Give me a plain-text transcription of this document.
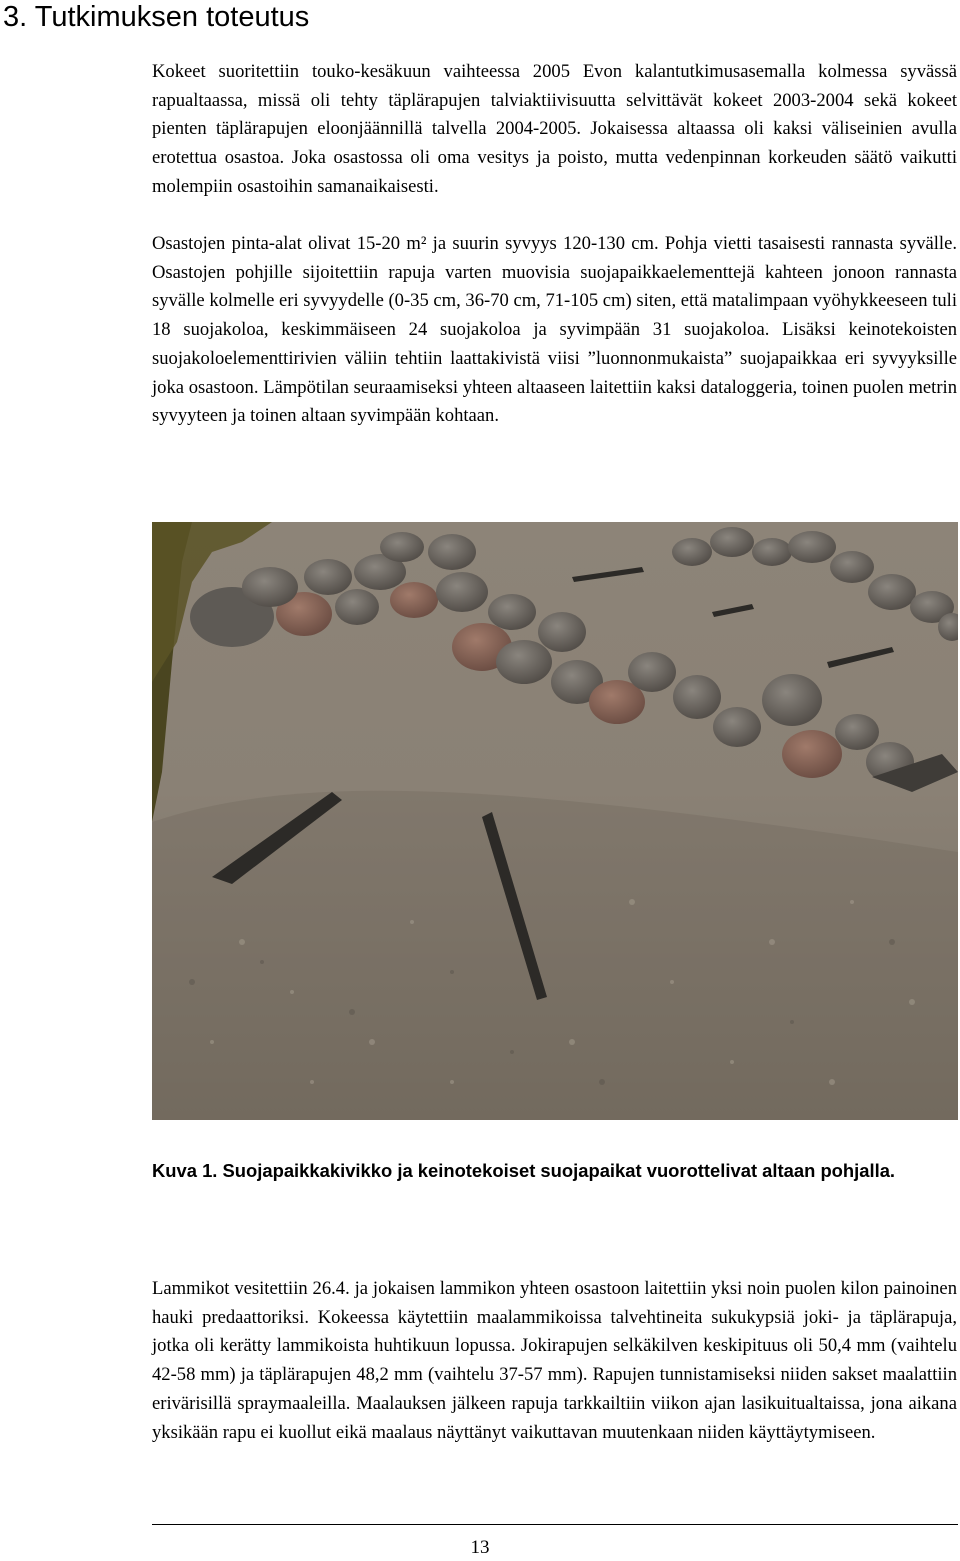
3. Tutkimuksen toteutus

Kokeet suoritettiin touko-kesäkuun vaihteessa 2005 Evon kalantutkimusasemalla kolmessa syvässä rapualtaassa, missä oli tehty täplärapujen talviaktiivisuutta selvittävät kokeet 2003-2004 sekä kokeet pienten täplärapujen eloonjäännillä talvella 2004-2005. Jokaisessa altaassa oli kaksi väliseinien avulla erotettua osastoa. Joka osastossa oli oma vesitys ja poisto, mutta vedenpinnan korkeuden säätö vaikutti molempiin osastoihin samanaikaisesti.

Osastojen pinta-alat olivat 15-20 m² ja suurin syvyys 120-130 cm. Pohja vietti tasaisesti rannasta syvälle. Osastojen pohjille sijoitettiin rapuja varten muovisia suojapaikkaelementtejä kahteen jonoon rannasta syvälle kolmelle eri syvyydelle (0-35 cm, 36-70 cm, 71-105 cm) siten, että matalimpaan vyöhykkeeseen tuli 18 suojakoloa, keskimmäiseen 24 suojakoloa ja syvimpään 31 suojakoloa. Lisäksi keinotekoisten suojakoloelementtirivien väliin tehtiin laattakivistä viisi ”luonnonmukaista” suojapaikkaa eri syvyyksille joka osastoon. Lämpötilan seuraamiseksi yhteen altaaseen laitettiin kaksi dataloggeria, toinen puolen metrin syvyyteen ja toinen altaan syvimpään kohtaan.

Kuva 1. Suojapaikkakivikko ja keinotekoiset suojapaikat vuorottelivat altaan pohjalla.

Lammikot vesitettiin 26.4. ja jokaisen lammikon yhteen osastoon laitettiin yksi noin puolen kilon painoinen hauki predaattoriksi. Kokeessa käytettiin maalammikoissa talvehtineita sukukypsiä joki- ja täplärapuja, jotka oli kerätty lammikoista huhtikuun lopussa. Jokirapujen selkäkilven keskipituus oli 50,4 mm (vaihtelu 42-58 mm) ja täplärapujen 48,2 mm (vaihtelu 37-57 mm). Rapujen tunnistamiseksi niiden sakset maalattiin erivärisillä spraymaaleilla. Maalauksen jälkeen rapuja tarkkailtiin viikon ajan lasikuitualtaissa, jona aikana yksikään rapu ei kuollut eikä maalaus näyttänyt vaikuttavan muutenkaan niiden käyttäytymiseen.

13
